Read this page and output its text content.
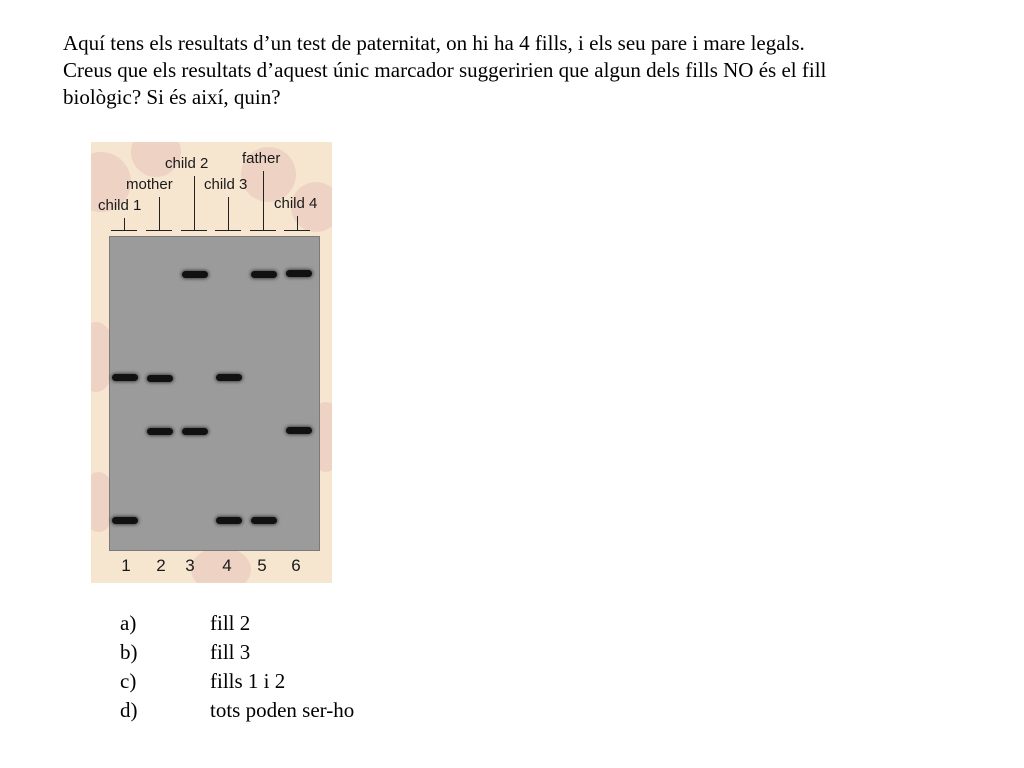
Aquí tens els resultats d’un test de paternitat, on hi ha 4 fills, i els seu pare i mare legals.
Creus que els resultats d’aquest únic marcador suggeririen que algun dels fills NO és el fill
biològic? Si és així, quin?
child 1
mother
child 2
child 3
father
child 4
1	2	3	4	5	6
a)	fill 2
b)	fill 3
c)	fills 1 i 2
d)	tots poden ser-ho
